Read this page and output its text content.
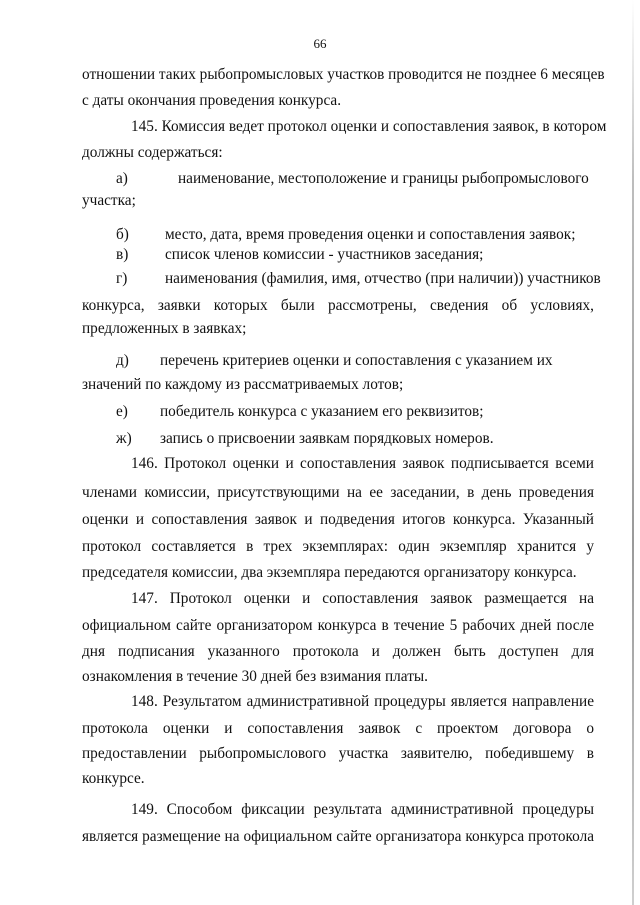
66
отношении таких рыбопромысловых участков проводится не позднее 6 месяцев
с даты окончания проведения конкурса.
145. Комиссия ведет протокол оценки и сопоставления заявок, в котором
должны содержаться:
а)	наименование, местоположение и границы рыбопромыслового
участка;
б) место, дата, время проведения оценки и сопоставления заявок;
в) список членов комиссии - участников заседания;
г) наименования (фамилия, имя, отчество (при наличии)) участников
конкурса, заявки которых были рассмотрены, сведения об условиях,
предложенных в заявках;
д) перечень критериев оценки и сопоставления с указанием их
значений по каждому из рассматриваемых лотов;
е) победитель конкурса с указанием его реквизитов;
ж) запись о присвоении заявкам порядковых номеров.
146. Протокол оценки и сопоставления заявок подписывается всеми
членами комиссии, присутствующими на ее заседании, в день проведения
оценки и сопоставления заявок и подведения итогов конкурса. Указанный
протокол составляется в трех экземплярах: один экземпляр хранится у
председателя комиссии, два экземпляра передаются организатору конкурса.
147. Протокол оценки и сопоставления заявок размещается на
официальном сайте организатором конкурса в течение 5 рабочих дней после
дня подписания указанного протокола и должен быть доступен для
ознакомления в течение 30 дней без взимания платы.
148. Результатом административной процедуры является направление
протокола оценки и сопоставления заявок с проектом договора о
предоставлении рыбопромыслового участка заявителю, победившему в
конкурсе.
149. Способом фиксации результата административной процедуры
является размещение на официальном сайте организатора конкурса протокола
